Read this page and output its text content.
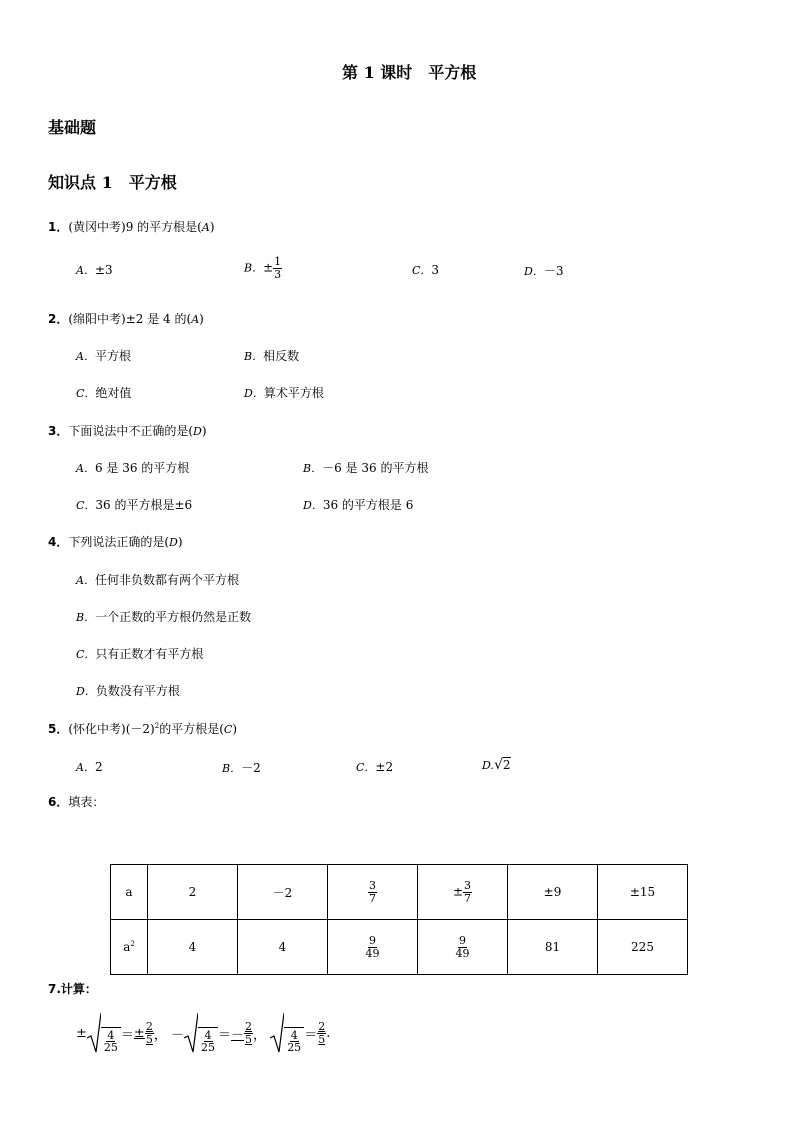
第 1 课时　平方根
基础题
知识点 1　平方根
1．(黄冈中考)9 的平方根是(A)
A．±3	B．± $\frac{1}{3}$	C．3	D．－3
2．(绵阳中考)±2 是 4 的(A)
A．平方根	B．相反数
C．绝对值	D．算术平方根
3．下面说法中不正确的是(D)
A．6 是 36 的平方根	B．－6 是 36 的平方根
C．36 的平方根是±6	D．36 的平方根是 6
4．下列说法正确的是(D)
A．任何非负数都有两个平方根
B．一个正数的平方根仍然是正数
C．只有正数才有平方根
D．负数没有平方根
5．(怀化中考)$(-2)^2$的平方根是(C)
A．2	B．－2	C．±2	D.√2
6．填表：
a	2	－2	$\frac{3}{7}$	± $\frac{3}{7}$	±9	±15
$a^2$	4	4	$\frac{9}{49}$	$\frac{9}{49}$	81	225
7.计算：
± $\frac{4}{25}$ ＝ ± $\frac{2}{5}$ ，
－ $\frac{4}{25}$ ＝ － $\frac{2}{5}$ ，
$\frac{4}{25} = \frac{2}{5}$ .
